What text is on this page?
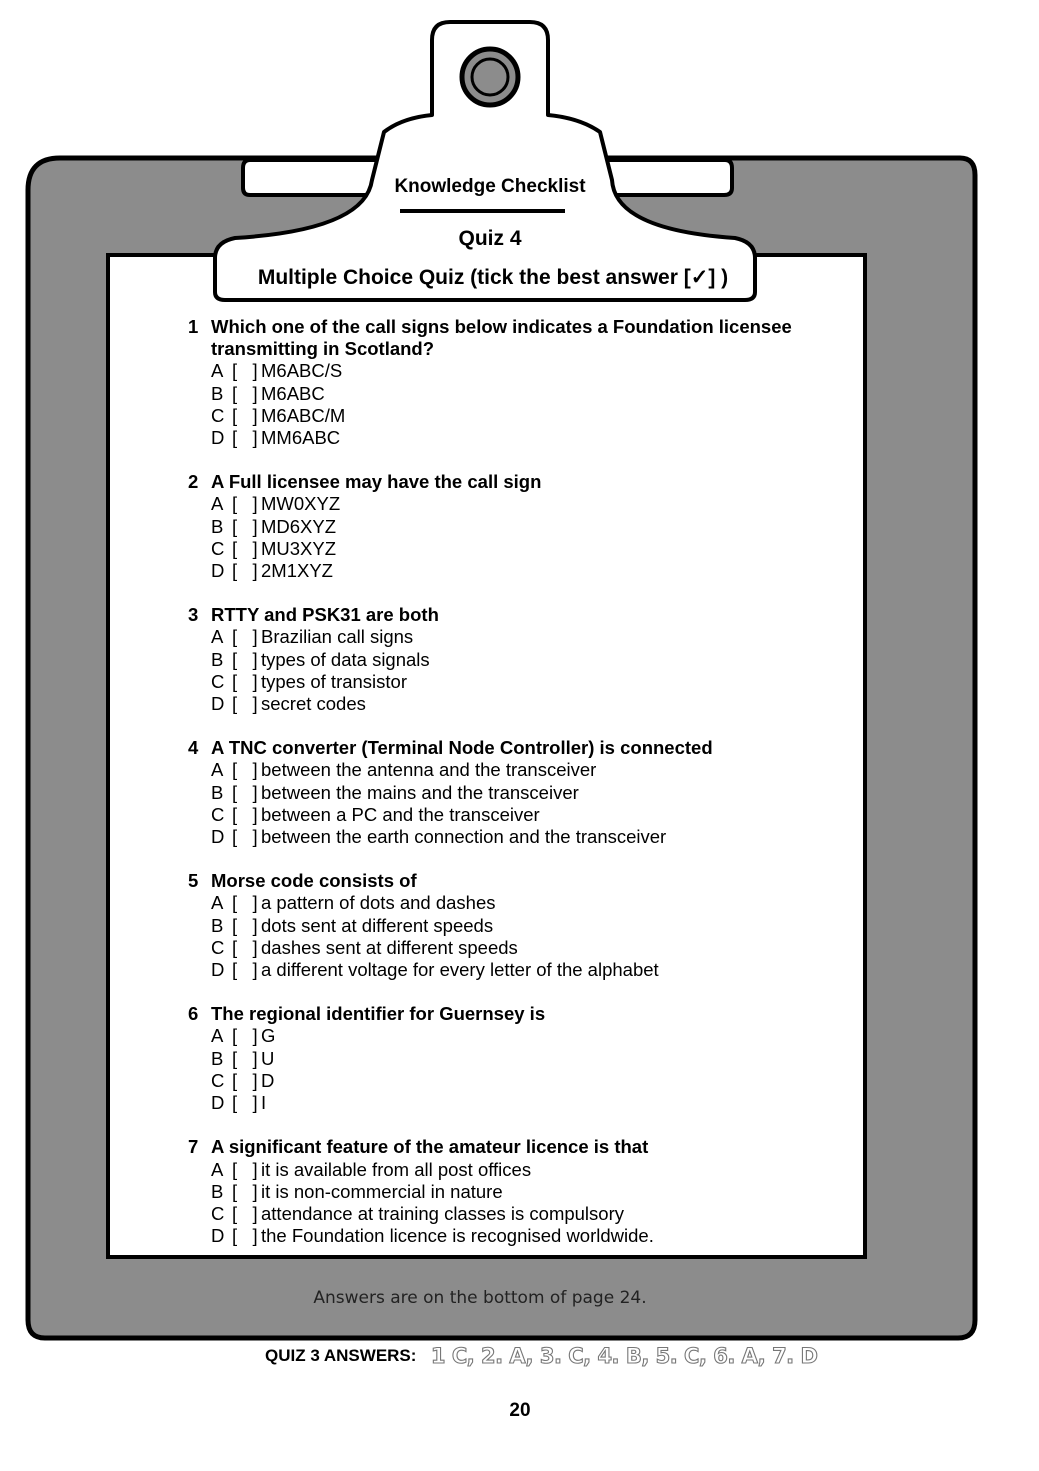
Knowledge Checklist
Quiz 4
Multiple Choice Quiz (tick the best answer [✓] )
1 Which one of the call signs below indicates a Foundation licensee transmitting in Scotland?
A [   ] M6ABC/S
B [   ] M6ABC
C [   ] M6ABC/M
D [   ] MM6ABC
2 A Full licensee may have the call sign
A [   ] MW0XYZ
B [   ] MD6XYZ
C [   ] MU3XYZ
D [   ] 2M1XYZ
3 RTTY and PSK31 are both
A [   ] Brazilian call signs
B [   ] types of data signals
C [   ] types of transistor
D [   ] secret codes
4 A TNC converter (Terminal Node Controller) is connected
A [   ] between the antenna and the transceiver
B [   ] between the mains and the transceiver
C [   ] between a PC and the transceiver
D [   ] between the earth connection and the transceiver
5 Morse code consists of
A [   ] a pattern of dots and dashes
B [   ] dots sent at different speeds
C [   ] dashes sent at different speeds
D [   ] a different voltage for every letter of the alphabet
6 The regional identifier for Guernsey is
A [   ] G
B [   ] U
C [   ] D
D [   ] I
7 A significant feature of the amateur licence is that
A [   ] it is available from all post offices
B [   ] it is non-commercial in nature
C [   ] attendance at training classes is compulsory
D [   ] the Foundation licence is recognised worldwide.
Answers are on the bottom of page 24.
QUIZ 3 ANSWERS: 1 C, 2. A, 3. C, 4. B, 5. C, 6. A, 7. D
20
